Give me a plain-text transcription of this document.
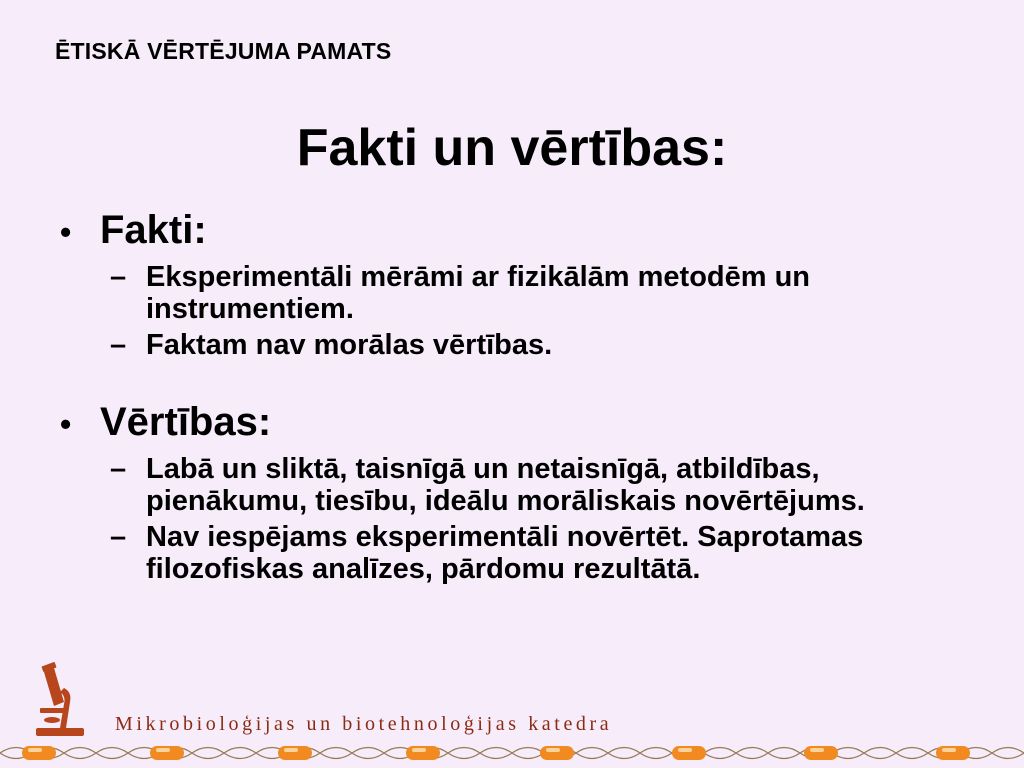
ĒTISKĀ VĒRTĒJUMA PAMATS
Fakti un vērtības:
• Fakti:
– Eksperimentāli mērāmi ar fizikālām metodēm un instrumentiem.
– Faktam nav morālas vērtības.
• Vērtības:
– Labā un sliktā, taisnīgā un netaisnīgā, atbildības, pienākumu, tiesību, ideālu morāliskais novērtējums.
– Nav iespējams eksperimentāli novērtēt. Saprotamas filozofiskas analīzes, pārdomu rezultātā.
Mikrobioloģijas un biotehnoloģijas katedra
